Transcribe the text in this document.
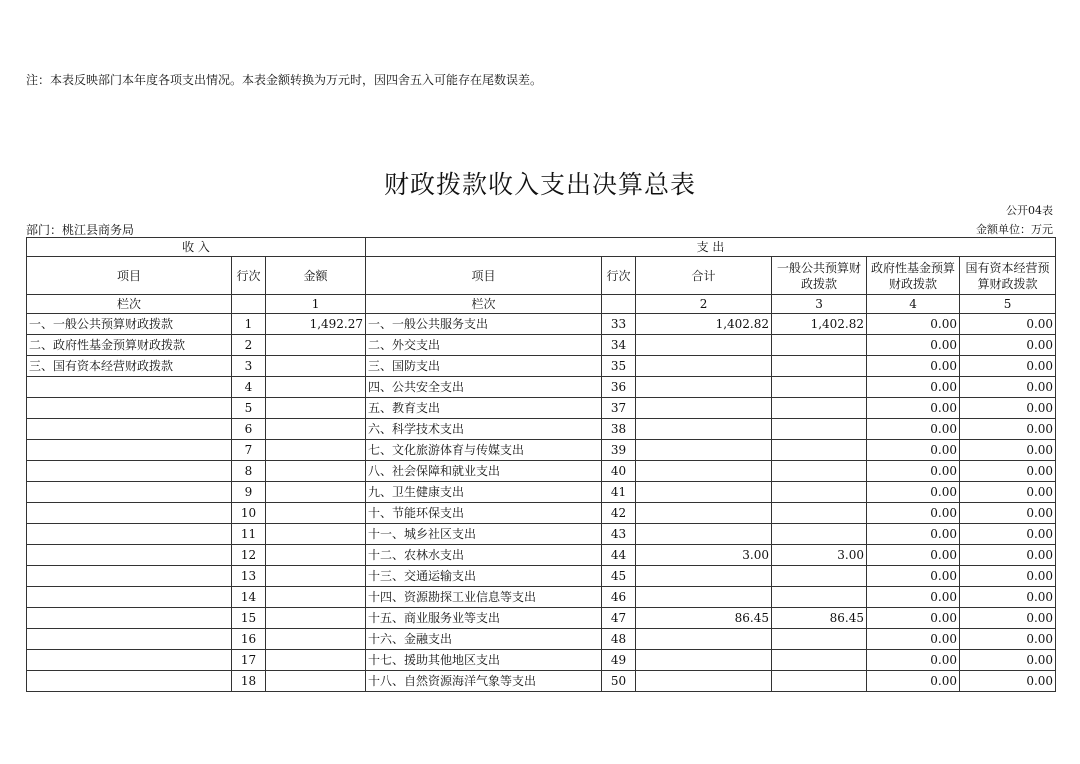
注：本表反映部门本年度各项支出情况。本表金额转换为万元时，因四舍五入可能存在尾数误差。
财政拨款收入支出决算总表
公开04表
部门：桃江县商务局	金额单位：万元
收 入			支 出					
项目	行次	金额	项目	行次	合计	一般公共预算财政拨款	政府性基金预算财政拨款	国有资本经营预算财政拨款
栏次		1	栏次		2	3	4	5
一、一般公共预算财政拨款	1	1,492.27	一、一般公共服务支出	33	1,402.82	1,402.82	0.00	0.00
二、政府性基金预算财政拨款	2		二、外交支出	34			0.00	0.00
三、国有资本经营财政拨款	3		三、国防支出	35			0.00	0.00
	4		四、公共安全支出	36			0.00	0.00
	5		五、教育支出	37			0.00	0.00
	6		六、科学技术支出	38			0.00	0.00
	7		七、文化旅游体育与传媒支出	39			0.00	0.00
	8		八、社会保障和就业支出	40			0.00	0.00
	9		九、卫生健康支出	41			0.00	0.00
	10		十、节能环保支出	42			0.00	0.00
	11		十一、城乡社区支出	43			0.00	0.00
	12		十二、农林水支出	44	3.00	3.00	0.00	0.00
	13		十三、交通运输支出	45			0.00	0.00
	14		十四、资源勘探工业信息等支出	46			0.00	0.00
	15		十五、商业服务业等支出	47	86.45	86.45	0.00	0.00
	16		十六、金融支出	48			0.00	0.00
	17		十七、援助其他地区支出	49			0.00	0.00
	18		十八、自然资源海洋气象等支出	50			0.00	0.00
